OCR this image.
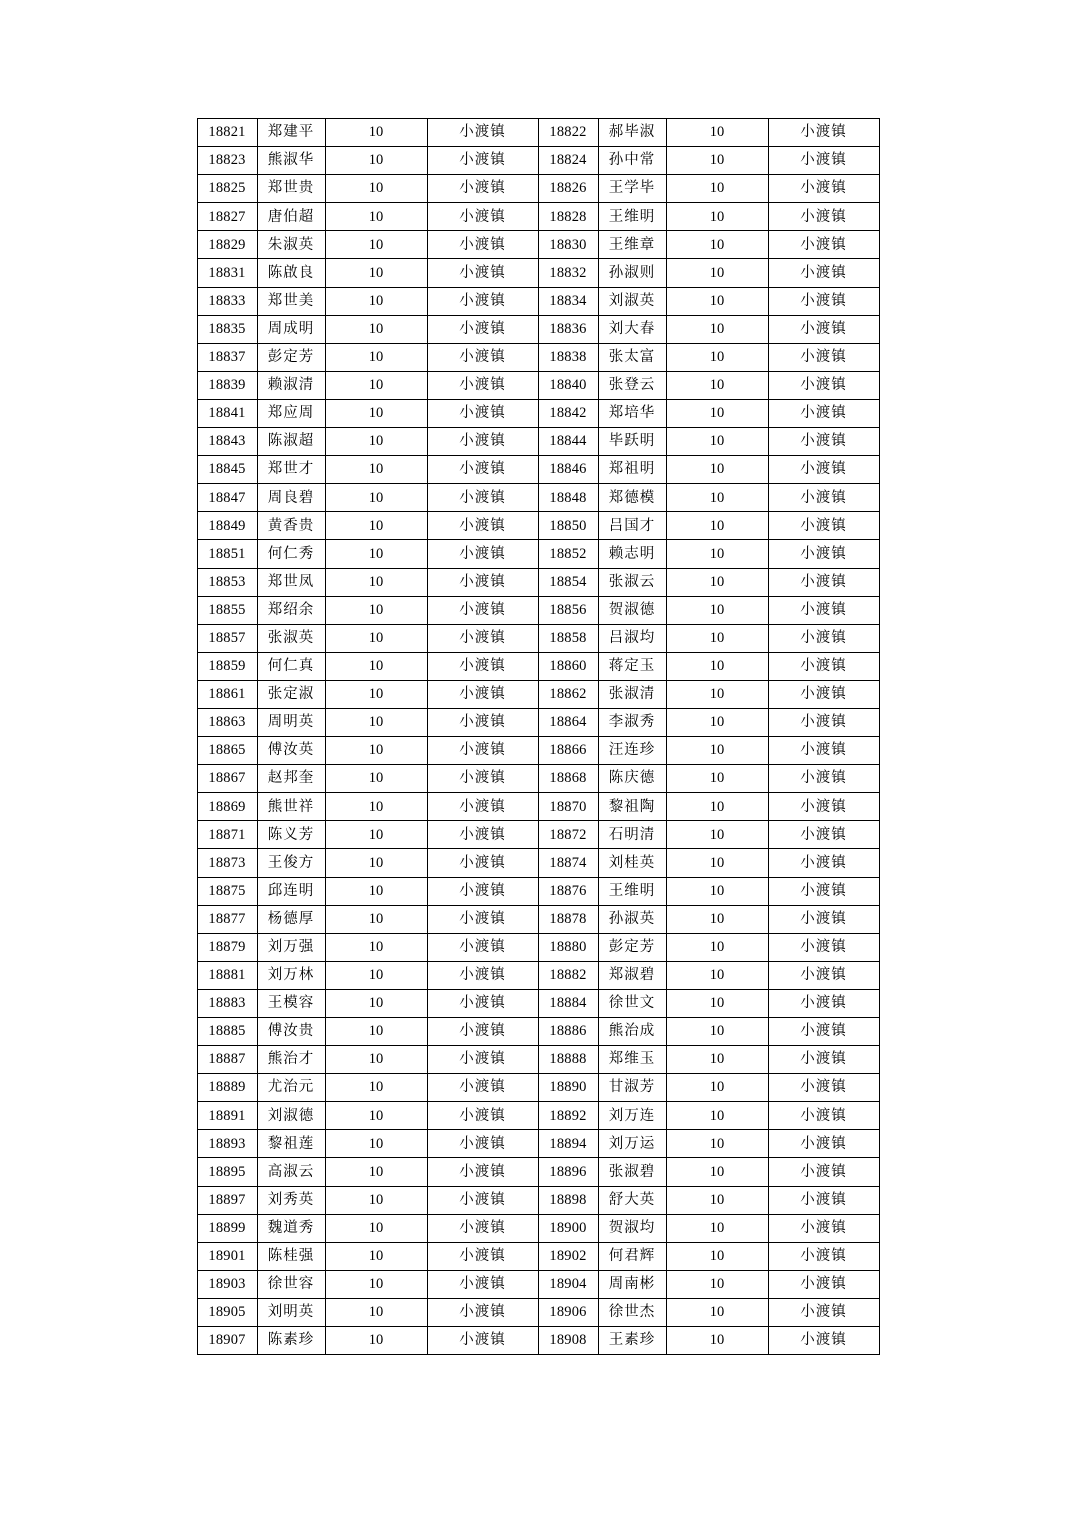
18821	郑建平	10	小渡镇	18822	郝毕淑	10	小渡镇
18823	熊淑华	10	小渡镇	18824	孙中常	10	小渡镇
18825	郑世贵	10	小渡镇	18826	王学毕	10	小渡镇
18827	唐伯超	10	小渡镇	18828	王维明	10	小渡镇
18829	朱淑英	10	小渡镇	18830	王维章	10	小渡镇
18831	陈啟良	10	小渡镇	18832	孙淑则	10	小渡镇
18833	郑世美	10	小渡镇	18834	刘淑英	10	小渡镇
18835	周成明	10	小渡镇	18836	刘大春	10	小渡镇
18837	彭定芳	10	小渡镇	18838	张太富	10	小渡镇
18839	赖淑清	10	小渡镇	18840	张登云	10	小渡镇
18841	郑应周	10	小渡镇	18842	郑培华	10	小渡镇
18843	陈淑超	10	小渡镇	18844	毕跃明	10	小渡镇
18845	郑世才	10	小渡镇	18846	郑祖明	10	小渡镇
18847	周良碧	10	小渡镇	18848	郑德模	10	小渡镇
18849	黄香贵	10	小渡镇	18850	吕国才	10	小渡镇
18851	何仁秀	10	小渡镇	18852	赖志明	10	小渡镇
18853	郑世凤	10	小渡镇	18854	张淑云	10	小渡镇
18855	郑绍余	10	小渡镇	18856	贺淑德	10	小渡镇
18857	张淑英	10	小渡镇	18858	吕淑均	10	小渡镇
18859	何仁真	10	小渡镇	18860	蒋定玉	10	小渡镇
18861	张定淑	10	小渡镇	18862	张淑清	10	小渡镇
18863	周明英	10	小渡镇	18864	李淑秀	10	小渡镇
18865	傅汝英	10	小渡镇	18866	汪连珍	10	小渡镇
18867	赵邦奎	10	小渡镇	18868	陈庆德	10	小渡镇
18869	熊世祥	10	小渡镇	18870	黎祖陶	10	小渡镇
18871	陈义芳	10	小渡镇	18872	石明清	10	小渡镇
18873	王俊方	10	小渡镇	18874	刘桂英	10	小渡镇
18875	邱连明	10	小渡镇	18876	王维明	10	小渡镇
18877	杨德厚	10	小渡镇	18878	孙淑英	10	小渡镇
18879	刘万强	10	小渡镇	18880	彭定芳	10	小渡镇
18881	刘万林	10	小渡镇	18882	郑淑碧	10	小渡镇
18883	王模容	10	小渡镇	18884	徐世文	10	小渡镇
18885	傅汝贵	10	小渡镇	18886	熊治成	10	小渡镇
18887	熊治才	10	小渡镇	18888	郑维玉	10	小渡镇
18889	尤治元	10	小渡镇	18890	甘淑芳	10	小渡镇
18891	刘淑德	10	小渡镇	18892	刘万连	10	小渡镇
18893	黎祖莲	10	小渡镇	18894	刘万运	10	小渡镇
18895	高淑云	10	小渡镇	18896	张淑碧	10	小渡镇
18897	刘秀英	10	小渡镇	18898	舒大英	10	小渡镇
18899	魏道秀	10	小渡镇	18900	贺淑均	10	小渡镇
18901	陈桂强	10	小渡镇	18902	何君辉	10	小渡镇
18903	徐世容	10	小渡镇	18904	周南彬	10	小渡镇
18905	刘明英	10	小渡镇	18906	徐世杰	10	小渡镇
18907	陈素珍	10	小渡镇	18908	王素珍	10	小渡镇
